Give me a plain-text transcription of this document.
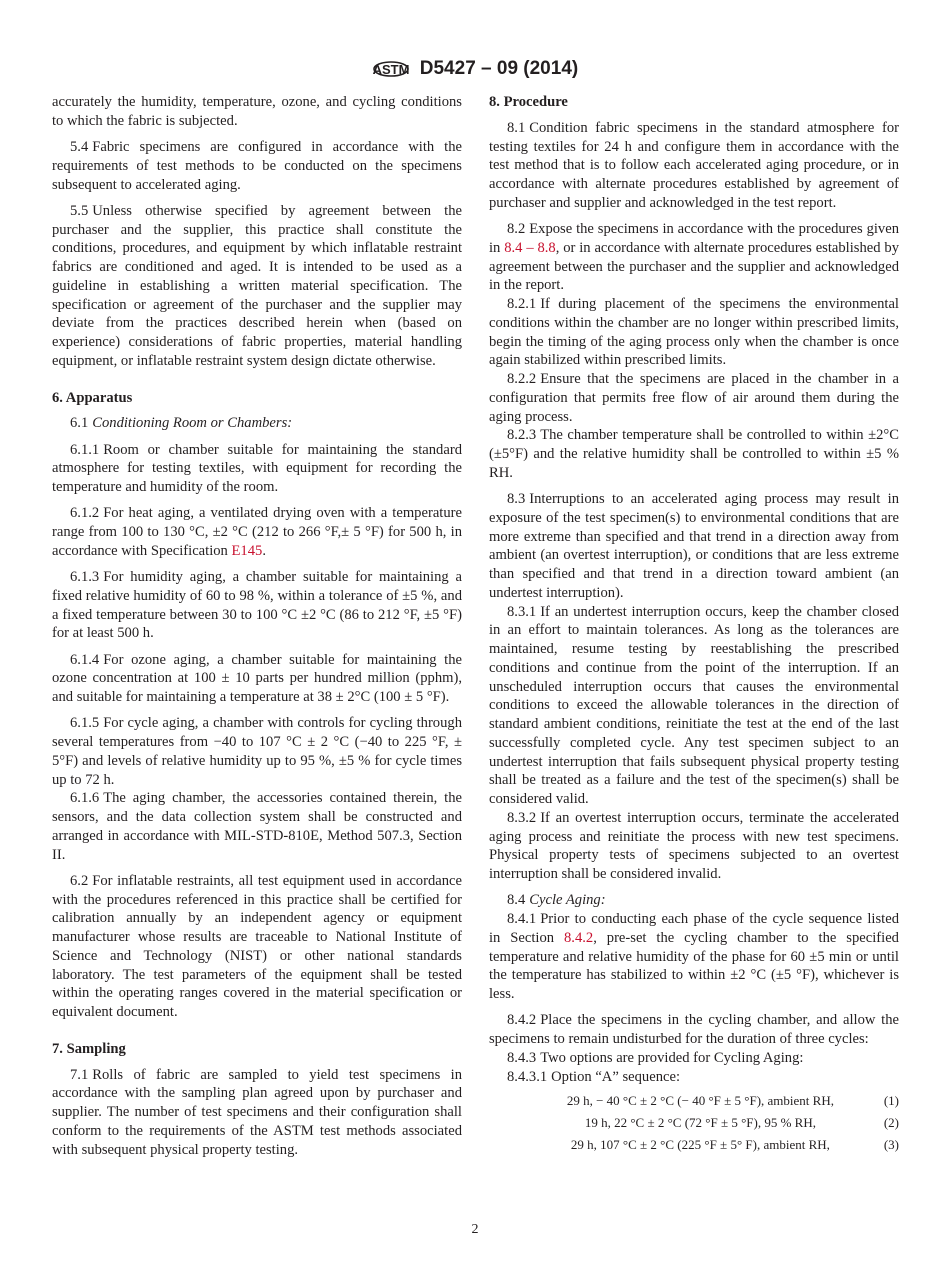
ASTM D5427 – 09 (2014)

accurately the humidity, temperature, ozone, and cycling conditions to which the fabric is subjected.

5.4 Fabric specimens are configured in accordance with the requirements of test methods to be conducted on the specimens subsequent to accelerated aging.

5.5 Unless otherwise specified by agreement between the purchaser and the supplier, this practice shall constitute the conditions, procedures, and equipment by which inflatable restraint fabrics are conditioned and aged. It is intended to be used as a guideline in establishing a written material specification. The specification or agreement of the purchaser and the supplier may deviate from the practices described herein when (based on experience) considerations of fabric properties, material handling equipment, or inflatable restraint system design dictate otherwise.

6. Apparatus

6.1 Conditioning Room or Chambers:

6.1.1 Room or chamber suitable for maintaining the standard atmosphere for testing textiles, with equipment for recording the temperature and humidity of the room.

6.1.2 For heat aging, a ventilated drying oven with a temperature range from 100 to 130 °C, ±2 °C (212 to 266 °F,± 5 °F) for 500 h, in accordance with Specification E145.

6.1.3 For humidity aging, a chamber suitable for maintaining a fixed relative humidity of 60 to 98 %, within a tolerance of ±5 %, and a fixed temperature between 30 to 100 °C ±2 °C (86 to 212 °F, ±5 °F) for at least 500 h.

6.1.4 For ozone aging, a chamber suitable for maintaining the ozone concentration at 100 ± 10 parts per hundred million (pphm), and suitable for maintaining a temperature at 38 ± 2°C (100 ± 5 °F).

6.1.5 For cycle aging, a chamber with controls for cycling through several temperatures from −40 to 107 °C ± 2 °C (−40 to 225 °F, ± 5°F) and levels of relative humidity up to 95 %, ±5 % for cycle times up to 72 h.

6.1.6 The aging chamber, the accessories contained therein, the sensors, and the data collection system shall be constructed and arranged in accordance with MIL-STD-810E, Method 507.3, Section II.

6.2 For inflatable restraints, all test equipment used in accordance with the procedures referenced in this practice shall be certified for calibration annually by an independent agency or equipment manufacturer whose results are traceable to National Institute of Science and Technology (NIST) or other national standards laboratory. The test parameters of the equipment shall be tested within the operating ranges covered in the material specification or equivalent document.

7. Sampling

7.1 Rolls of fabric are sampled to yield test specimens in accordance with the sampling plan agreed upon by purchaser and supplier. The number of test specimens and their configuration shall conform to the requirements of the ASTM test methods associated with subsequent physical property testing.

8. Procedure

8.1 Condition fabric specimens in the standard atmosphere for testing textiles for 24 h and configure them in accordance with the test method that is to follow each accelerated aging procedure, or in accordance with alternate procedures established by agreement of purchaser and supplier and acknowledged in the test report.

8.2 Expose the specimens in accordance with the procedures given in 8.4 – 8.8, or in accordance with alternate procedures established by agreement between the purchaser and the supplier and acknowledged in the report.

8.2.1 If during placement of the specimens the environmental conditions within the chamber are no longer within prescribed limits, begin the timing of the aging process only when the chamber is once again stabilized within prescribed limits.

8.2.2 Ensure that the specimens are placed in the chamber in a configuration that permits free flow of air around them during the aging process.

8.2.3 The chamber temperature shall be controlled to within ±2°C (±5°F) and the relative humidity shall be controlled to within ±5 % RH.

8.3 Interruptions to an accelerated aging process may result in exposure of the test specimen(s) to environmental conditions that are more extreme than specified and that trend in a direction away from ambient (an overtest interruption), or conditions that are less extreme than specified and that trend in a direction toward ambient (an undertest interruption).

8.3.1 If an undertest interruption occurs, keep the chamber closed in an effort to maintain tolerances. As long as the tolerances are maintained, resume testing by reestablishing the prescribed conditions and continue from the point of the interruption. If an unscheduled interruption occurs that causes the environmental conditions to exceed the allowable tolerances in the direction of standard ambient conditions, reinitiate the test at the end of the last successfully completed cycle. Any test specimen subject to an undertest interruption that fails subsequent physical property testing shall be treated as a failure and the test of the specimen(s) shall be considered valid.

8.3.2 If an overtest interruption occurs, terminate the accelerated aging process and reinitiate the process with new test specimens. Physical property tests of specimens subjected to an overtest interruption shall be considered invalid.

8.4 Cycle Aging:

8.4.1 Prior to conducting each phase of the cycle sequence listed in Section 8.4.2, pre-set the cycling chamber to the specified temperature and relative humidity of the phase for 60 ±5 min or until the temperature has stabilized to within ±2 °C (±5 °F), whichever is less.

8.4.2 Place the specimens in the cycling chamber, and allow the specimens to remain undisturbed for the duration of three cycles:

8.4.3 Two options are provided for Cycling Aging:

8.4.3.1 Option “A” sequence:

29 h, − 40 °C ± 2 °C (− 40 °F ± 5 °F), ambient RH,	(1)
19 h, 22 °C ± 2 °C (72 °F ± 5 °F), 95 % RH,	(2)
29 h, 107 °C ± 2 °C (225 °F ± 5° F), ambient RH,	(3)
2
